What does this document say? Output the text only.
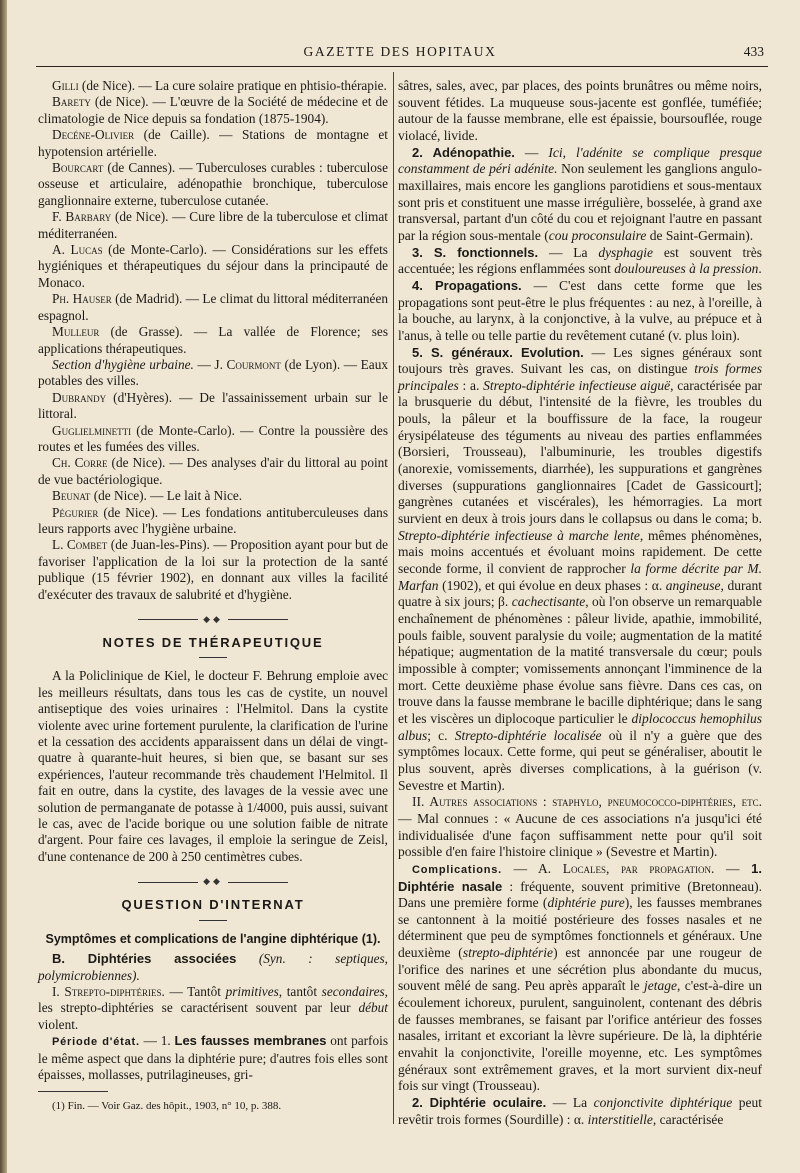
GAZETTE DES HOPITAUX	433

Gilli (de Nice). — La cure solaire pratique en phtisio-thérapie.

Barety (de Nice). — L'œuvre de la Société de médecine et de climatologie de Nice depuis sa fondation (1875-1904).

Decéne-Olivier (de Caille). — Stations de montagne et hypotension artérielle.

Bourcart (de Cannes). — Tuberculoses curables : tuberculose osseuse et articulaire, adénopathie bronchique, tuberculose ganglionnaire externe, tuberculose cutanée.

F. Barbary (de Nice). — Cure libre de la tuberculose et climat méditerranéen.

A. Lucas (de Monte-Carlo). — Considérations sur les effets hygiéniques et thérapeutiques du séjour dans la principauté de Monaco.

Ph. Hauser (de Madrid). — Le climat du littoral méditerranéen espagnol.

Mulleur (de Grasse). — La vallée de Florence; ses applications thérapeutiques.

Section d'hygiène urbaine. — J. Courmont (de Lyon). — Eaux potables des villes.

Dubrandy (d'Hyères). — De l'assainissement urbain sur le littoral.

Guglielminetti (de Monte-Carlo). — Contre la poussière des routes et les fumées des villes.

Ch. Corre (de Nice). — Des analyses d'air du littoral au point de vue bactériologique.

Beunat (de Nice). — Le lait à Nice.

Pégurier (de Nice). — Les fondations antituberculeuses dans leurs rapports avec l'hygiène urbaine.

L. Combet (de Juan-les-Pins). — Proposition ayant pour but de favoriser l'application de la loi sur la protection de la santé publique (15 février 1902), en donnant aux villes la facilité d'exécuter des travaux de salubrité et d'hygiène.

◆◆
NOTES DE THÉRAPEUTIQUE

A la Policlinique de Kiel, le docteur F. Behrung emploie avec les meilleurs résultats, dans tous les cas de cystite, un nouvel antiseptique des voies urinaires : l'Helmitol. Dans la cystite violente avec urine fortement purulente, la clarification de l'urine et la cessation des accidents apparaissent dans un délai de vingt-quatre à quarante-huit heures, si bien que, se basant sur ses expériences, l'auteur recommande très chaudement l'Helmitol. Il fait en outre, dans la cystite, des lavages de la vessie avec une solution de permanganate de potasse à 1/4000, puis aussi, suivant le cas, avec de l'acide borique ou une solution faible de nitrate d'argent. Pour faire ces lavages, il emploie la seringue de Zeisl, d'une contenance de 200 à 250 centimètres cubes.

◆◆
QUESTION D'INTERNAT
Symptômes et complications de l'angine diphtérique (1).

B. Diphtéries associées (Syn. : septiques, polymicrobiennes).

I. Strepto-diphtéries. — Tantôt primitives, tantôt secondaires, les strepto-diphtéries se caractérisent souvent par leur début violent.

Période d'état. — 1. Les fausses membranes ont parfois le même aspect que dans la diphtérie pure; d'autres fois elles sont épaisses, mollasses, putrilagineuses, gri-

(1) Fin. — Voir Gaz. des hôpit., 1903, n° 10, p. 388.

sâtres, sales, avec, par places, des points brunâtres ou même noirs, souvent fétides. La muqueuse sous-jacente est gonflée, tuméfiée; autour de la fausse membrane, elle est épaissie, boursouflée, rouge violacé, livide.

2. Adénopathie. — Ici, l'adénite se complique presque constamment de péri adénite. Non seulement les ganglions angulo-maxillaires, mais encore les ganglions parotidiens et sous-mentaux sont pris et constituent une masse irrégulière, bosselée, à grand axe transversal, partant d'un côté du cou et rejoignant l'autre en passant par la région sous-mentale (cou proconsulaire de Saint-Germain).

3. S. fonctionnels. — La dysphagie est souvent très accentuée; les régions enflammées sont douloureuses à la pression.

4. Propagations. — C'est dans cette forme que les propagations sont peut-être le plus fréquentes : au nez, à l'oreille, à la bouche, au larynx, à la conjonctive, à la vulve, au prépuce et à l'anus, à telle ou telle partie du revêtement cutané (v. plus loin).

5. S. généraux. Evolution. — Les signes généraux sont toujours très graves. Suivant les cas, on distingue trois formes principales : a. Strepto-diphtérie infectieuse aiguë, caractérisée par la brusquerie du début, l'intensité de la fièvre, les troubles du pouls, la pâleur et la bouffissure de la face, la rougeur érysipélateuse des téguments au niveau des parties enflammées (Borsieri, Trousseau), l'albuminurie, les troubles digestifs (anorexie, vomissements, diarrhée), les suppurations et gangrènes diverses (suppurations ganglionnaires [Cadet de Gassicourt]; gangrènes cutanées et viscérales), les hémorragies. La mort survient en deux à trois jours dans le collapsus ou dans le coma; b. Strepto-diphtérie infectieuse à marche lente, mêmes phénomènes, mais moins accentués et évoluant moins rapidement. De cette seconde forme, il convient de rapprocher la forme décrite par M. Marfan (1902), et qui évolue en deux phases : α. angineuse, durant quatre à six jours; β. cachectisante, où l'on observe un remarquable enchaînement de phénomènes : pâleur livide, apathie, immobilité, pouls faible, souvent paralysie du voile; augmentation de la matité hépatique; augmentation de la matité transversale du cœur; pouls impossible à compter; vomissements annonçant l'imminence de la mort. Cette deuxième phase évolue sans fièvre. Dans ces cas, on trouve dans la fausse membrane le bacille diphtérique; dans le sang et les viscères un diplocoque particulier le diplococcus hemophilus albus; c. Strepto-diphtérie localisée où il n'y a guère que des symptômes locaux. Cette forme, qui peut se généraliser, aboutit le plus souvent, après diverses complications, à la guérison (v. Sevestre et Martin).

II. Autres associations : staphylo, pneumococco-diphtéries, etc. — Mal connues : « Aucune de ces associations n'a jusqu'ici été individualisée d'une façon suffisamment nette pour qu'il soit possible d'en faire l'histoire clinique » (Sevestre et Martin).

Complications. — A. Locales, par propagation. — 1. Diphtérie nasale : fréquente, souvent primitive (Bretonneau). Dans une première forme (diphtérie pure), les fausses membranes se cantonnent à la moitié postérieure des fosses nasales et ne déterminent que peu de symptômes fonctionnels et généraux. Une deuxième (strepto-diphtérie) est annoncée par une rougeur de l'orifice des narines et une sécrétion plus abondante du mucus, souvent mêlé de sang. Peu après apparaît le jetage, c'est-à-dire un écoulement ichoreux, purulent, sanguinolent, contenant des débris de fausses membranes, se faisant par l'orifice antérieur des fosses nasales, irritant et excoriant la lèvre supérieure. De là, la diphtérie envahit la conjonctivite, l'oreille moyenne, etc. Les symptômes généraux sont extrêmement graves, et la mort survient dix-neuf fois sur vingt (Trousseau).

2. Diphtérie oculaire. — La conjonctivite diphtérique peut revêtir trois formes (Sourdille) : α. interstitielle, caractérisée
